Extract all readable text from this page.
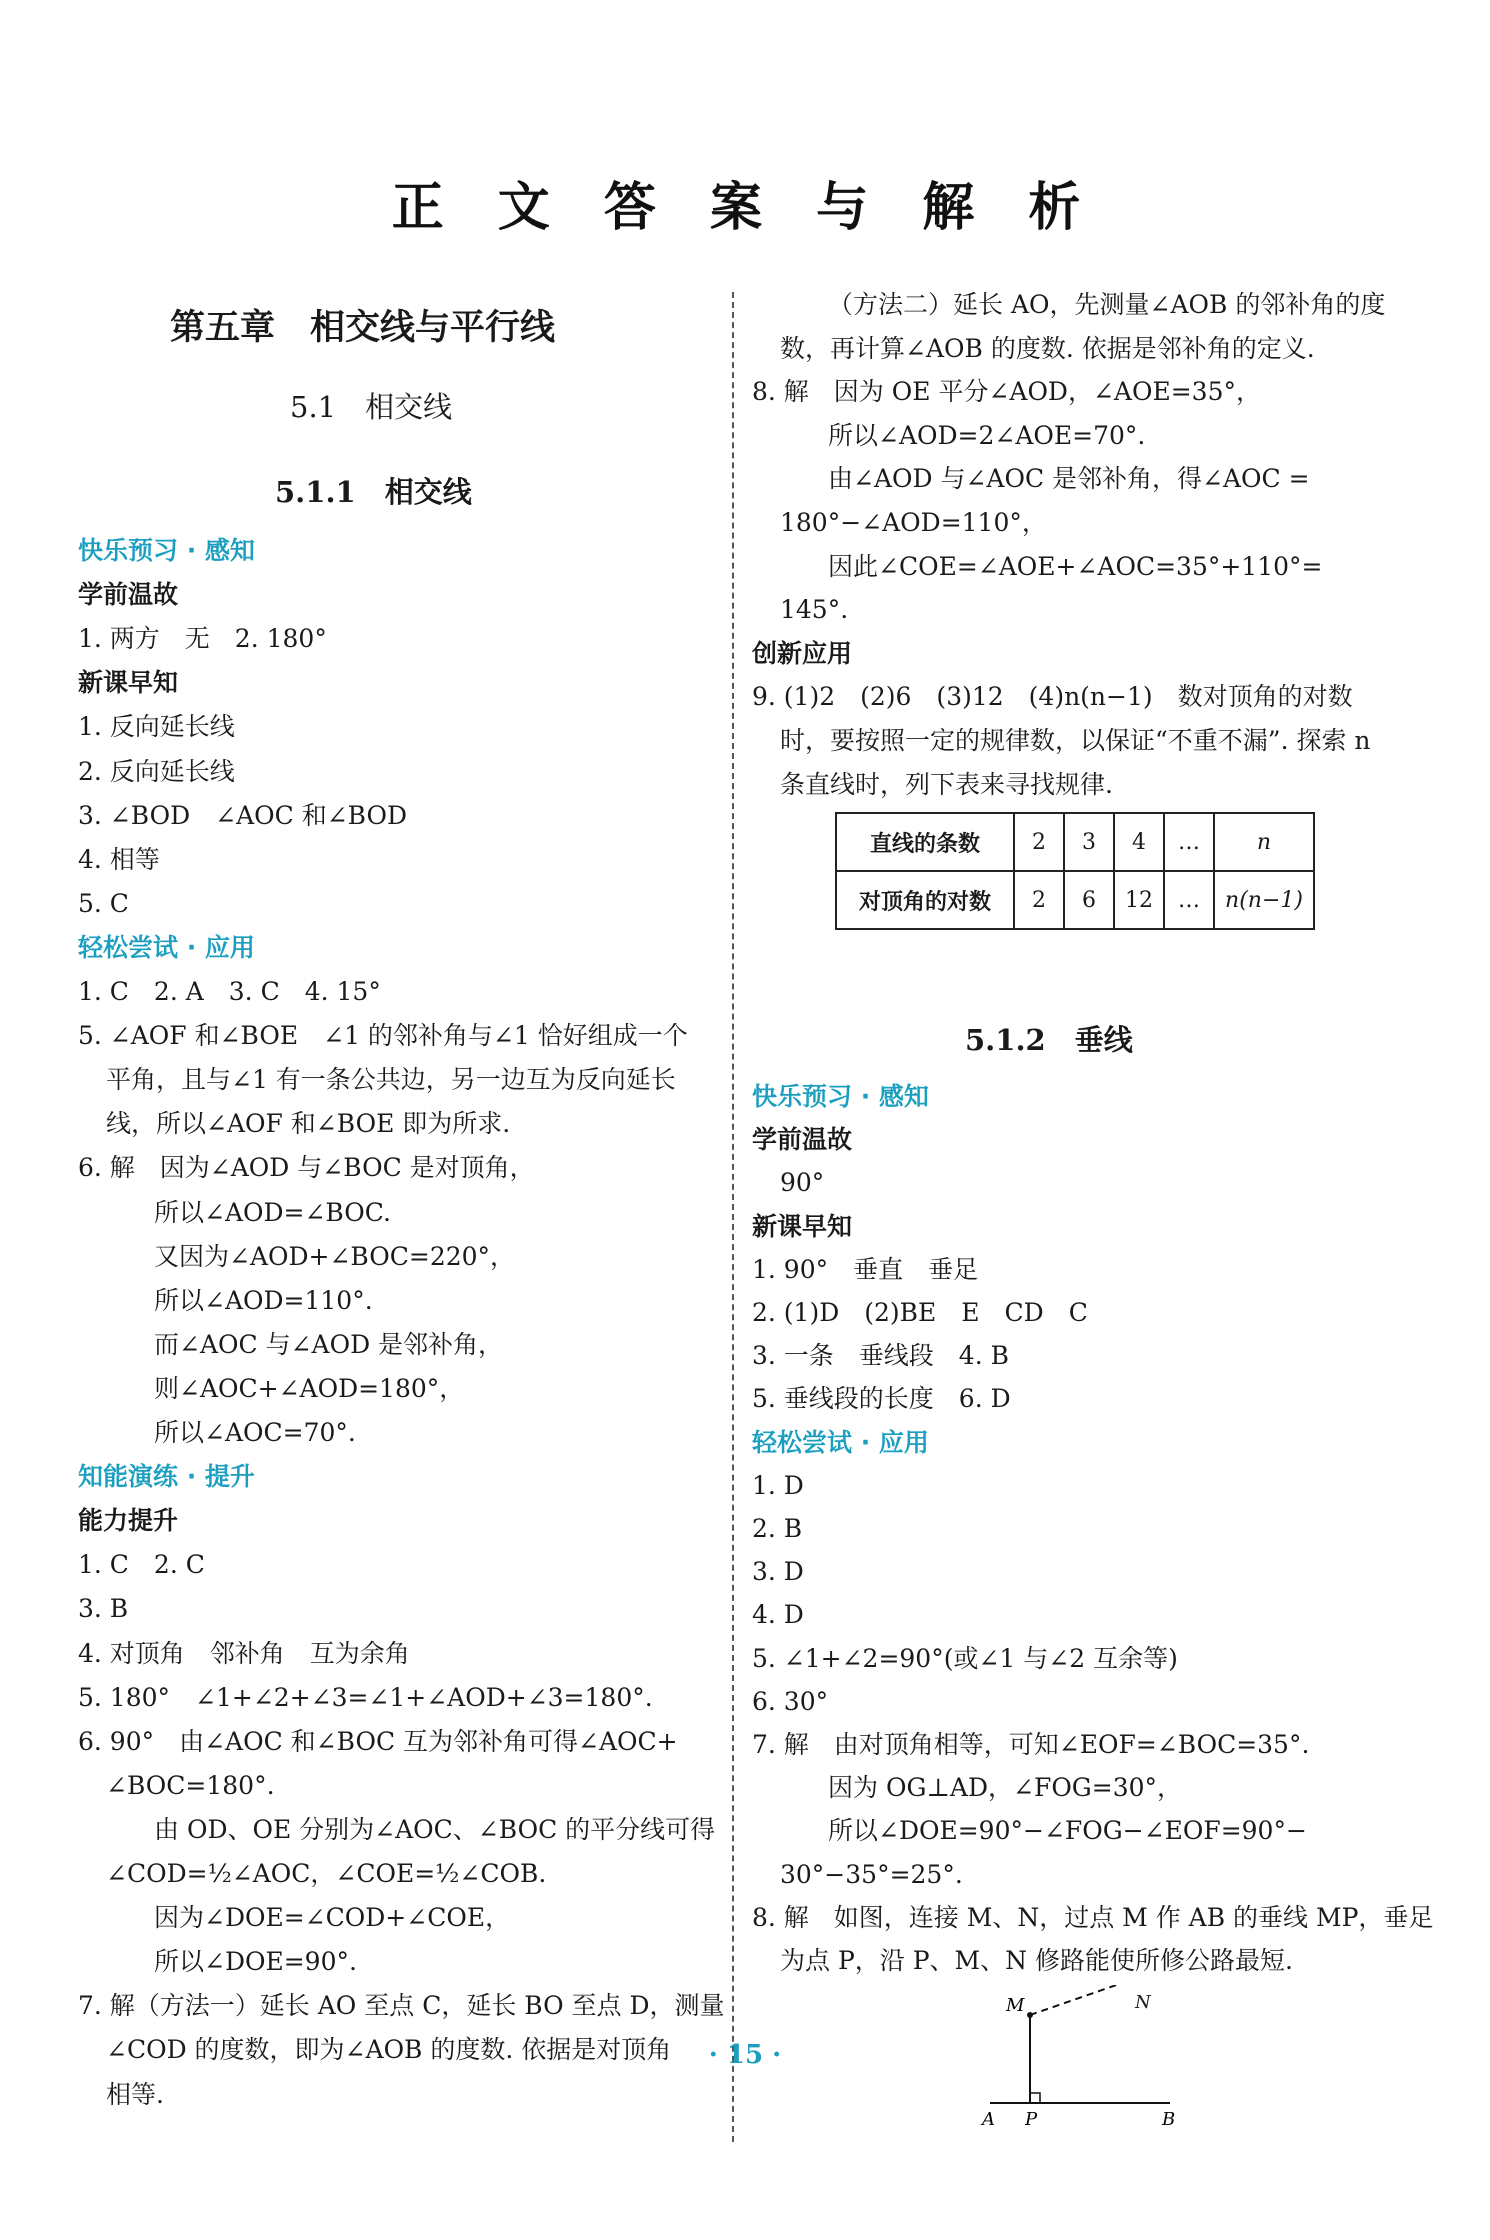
正 文 答 案 与 解 析
第五章　相交线与平行线
5.1　相交线
5.1.1　相交线
快乐预习 · 感知
学前温故
1. 两方　无　2. 180°
新课早知
1. 反向延长线
2. 反向延长线
3. ∠BOD　∠AOC 和∠BOD
4. 相等
5. C
轻松尝试 · 应用
1. C　2. A　3. C　4. 15°
5. ∠AOF 和∠BOE　∠1 的邻补角与∠1 恰好组成一个
平角，且与∠1 有一条公共边，另一边互为反向延长
线，所以∠AOF 和∠BOE 即为所求.
6. 解　因为∠AOD 与∠BOC 是对顶角，
所以∠AOD=∠BOC.
又因为∠AOD+∠BOC=220°，
所以∠AOD=110°.
而∠AOC 与∠AOD 是邻补角，
则∠AOC+∠AOD=180°，
所以∠AOC=70°.
知能演练 · 提升
能力提升
1. C　2. C
3. B
4. 对顶角　邻补角　互为余角
5. 180°　∠1+∠2+∠3=∠1+∠AOD+∠3=180°.
6. 90°　由∠AOC 和∠BOC 互为邻补角可得∠AOC+
∠BOC=180°.
由 OD、OE 分别为∠AOC、∠BOC 的平分线可得
∠COD=½∠AOC，∠COE=½∠COB.
因为∠DOE=∠COD+∠COE，
所以∠DOE=90°.
7. 解（方法一）延长 AO 至点 C，延长 BO 至点 D，测量
∠COD 的度数，即为∠AOB 的度数. 依据是对顶角
相等.
（方法二）延长 AO，先测量∠AOB 的邻补角的度
数，再计算∠AOB 的度数. 依据是邻补角的定义.
8. 解　因为 OE 平分∠AOD，∠AOE=35°，
所以∠AOD=2∠AOE=70°.
由∠AOD 与∠AOC 是邻补角，得∠AOC =
180°−∠AOD=110°，
因此∠COE=∠AOE+∠AOC=35°+110°=
145°.
创新应用
9. (1)2　(2)6　(3)12　(4)n(n−1)　数对顶角的对数
时，要按照一定的规律数，以保证“不重不漏”. 探索 n
条直线时，列下表来寻找规律.
直线的条数	2	3	4	…	n
对顶角的对数	2	6	12	…	n(n−1)
5.1.2　垂线
快乐预习 · 感知
学前温故
90°
新课早知
1. 90°　垂直　垂足
2. (1)D　(2)BE　E　CD　C
3. 一条　垂线段　4. B
5. 垂线段的长度　6. D
轻松尝试 · 应用
1. D
2. B
3. D
4. D
5. ∠1+∠2=90°(或∠1 与∠2 互余等)
6. 30°
7. 解　由对顶角相等，可知∠EOF=∠BOC=35°.
因为 OG⊥AD，∠FOG=30°，
所以∠DOE=90°−∠FOG−∠EOF=90°−
30°−35°=25°.
8. 解　如图，连接 M、N，过点 M 作 AB 的垂线 MP，垂足
为点 P，沿 P、M、N 修路能使所修公路最短.
A P	B
M	N
· 15 ·
